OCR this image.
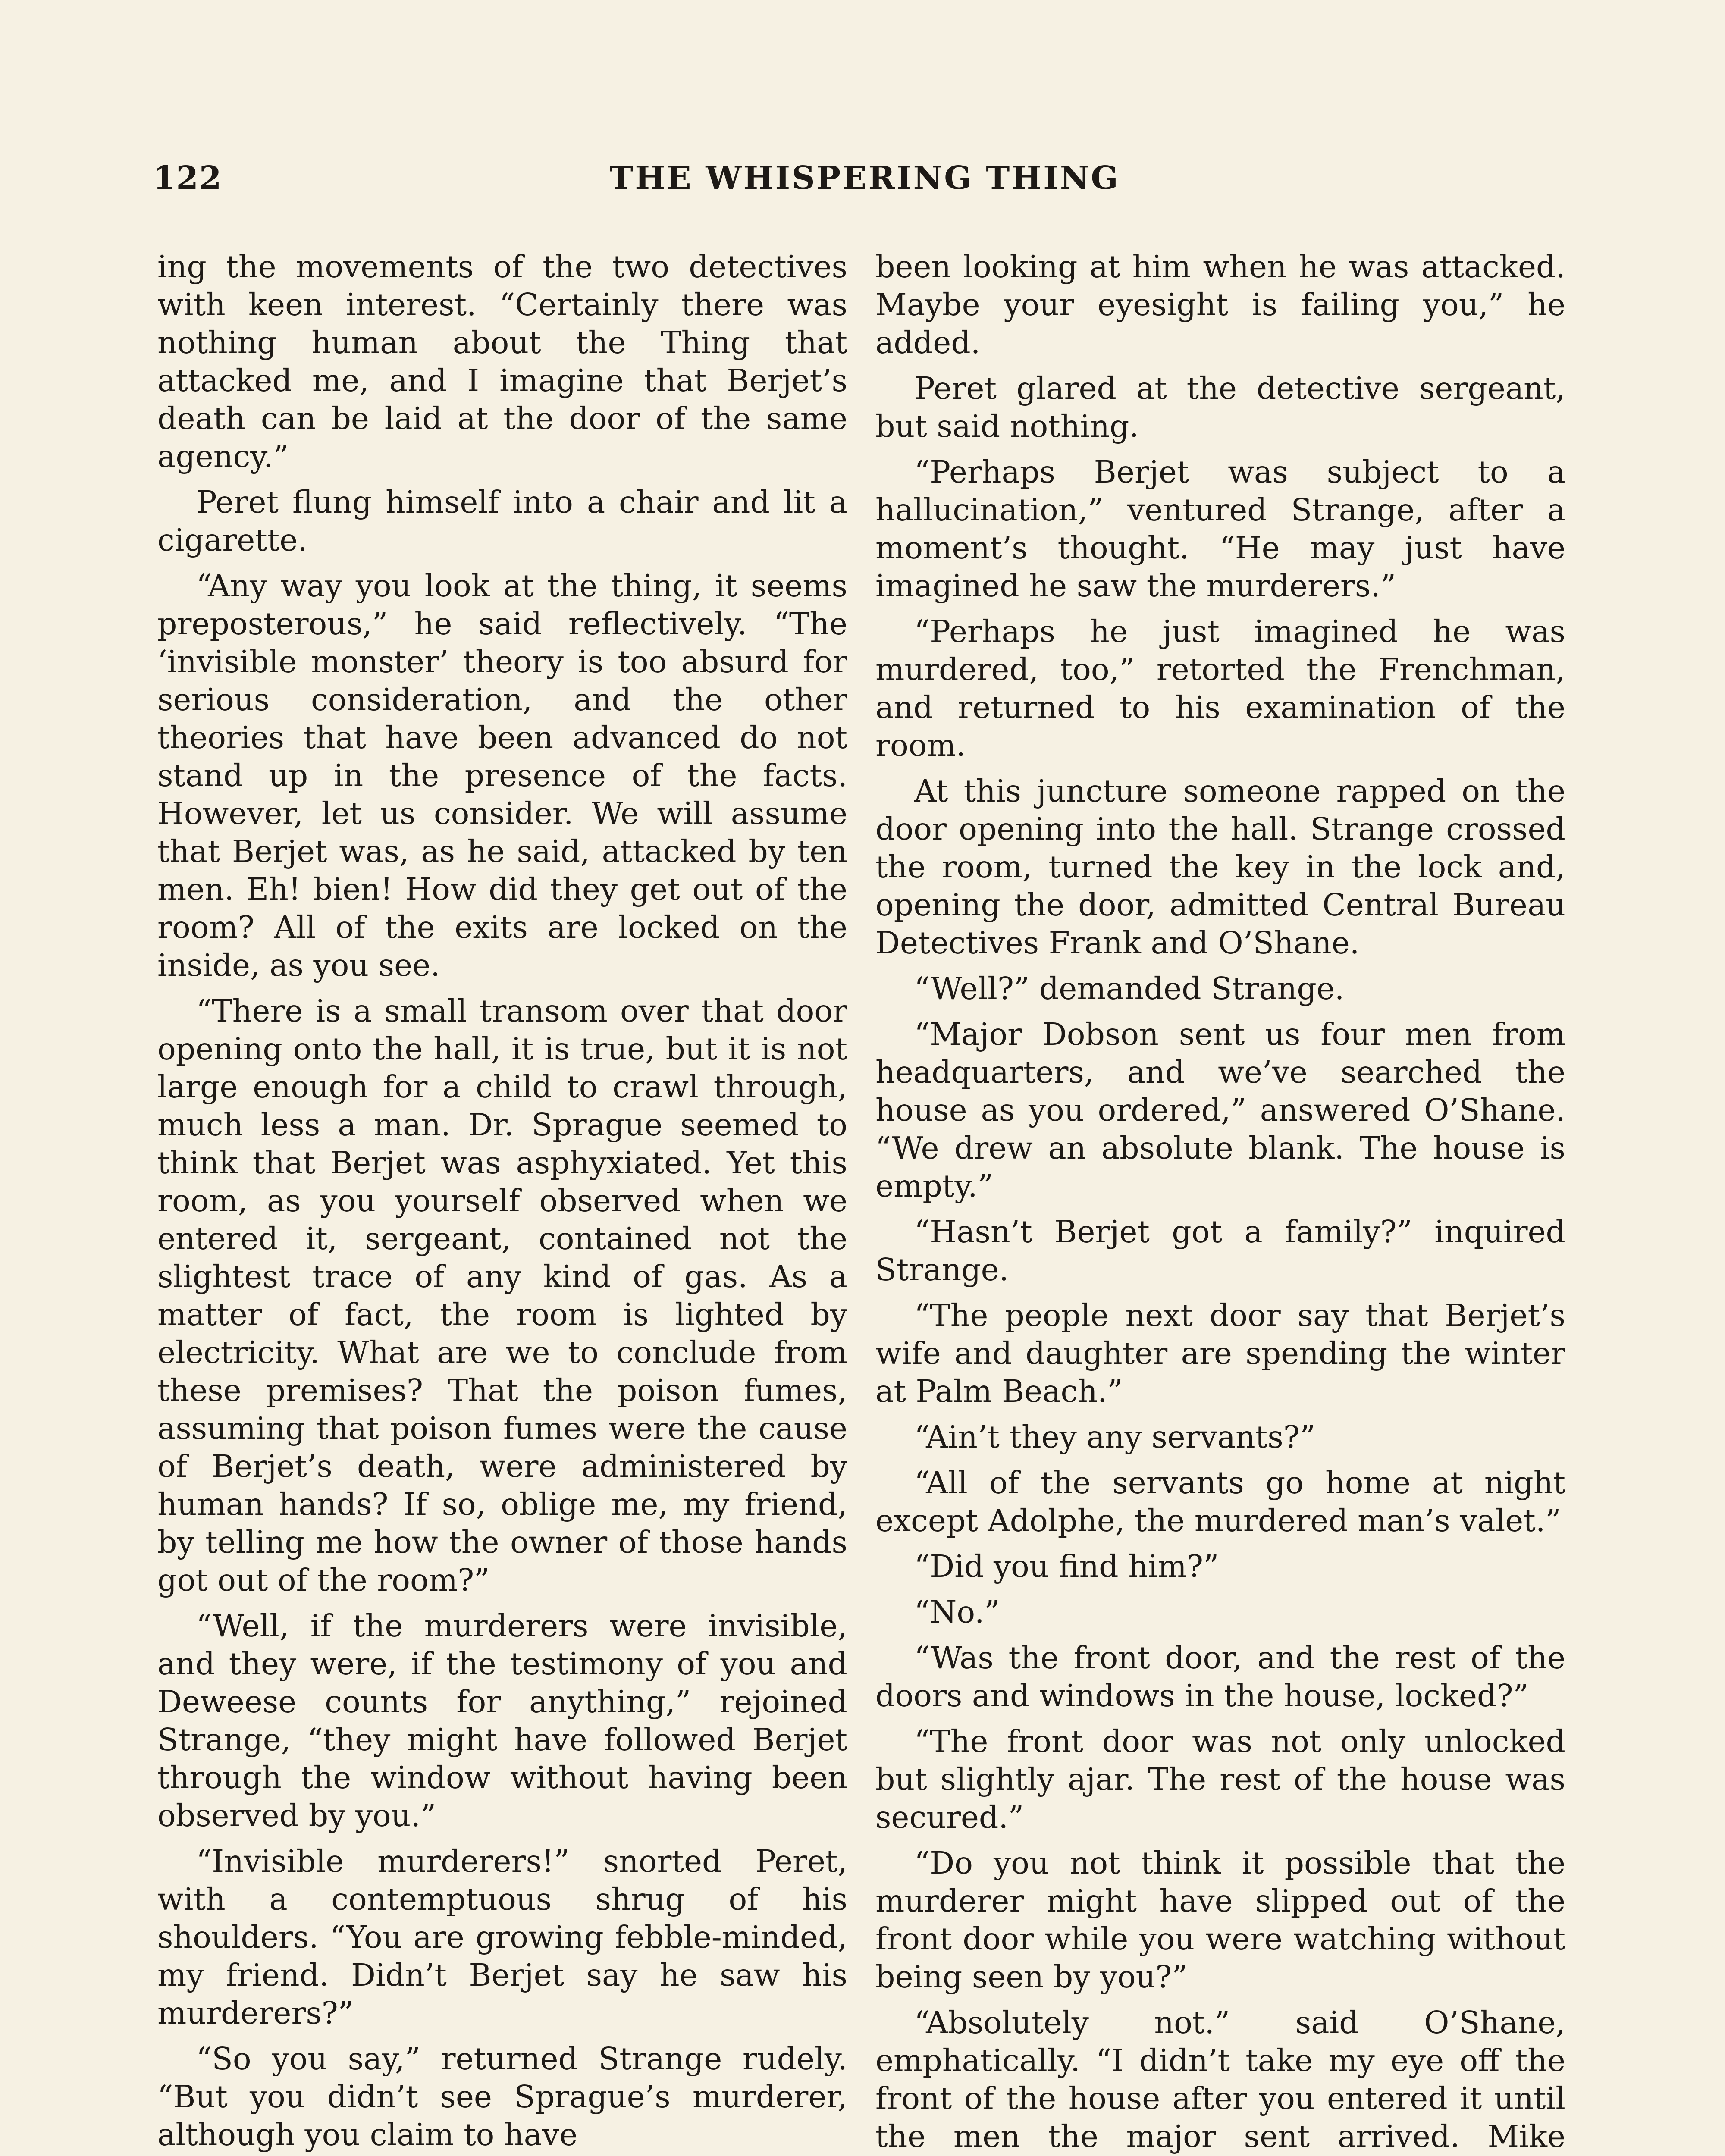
122	THE WHISPERING THING

ing the movements of the two detectives with keen interest. “Certainly there was nothing human about the Thing that attacked me, and I imagine that Berjet’s death can be laid at the door of the same agency.”

Peret flung himself into a chair and lit a cigarette.

“Any way you look at the thing, it seems preposterous,” he said reflectively. “The ‘invisible monster’ theory is too absurd for serious consideration, and the other theories that have been advanced do not stand up in the presence of the facts. However, let us consider. We will assume that Berjet was, as he said, attacked by ten men. Eh! bien! How did they get out of the room? All of the exits are locked on the inside, as you see.

“There is a small transom over that door opening onto the hall, it is true, but it is not large enough for a child to crawl through, much less a man. Dr. Sprague seemed to think that Berjet was asphyxiated. Yet this room, as you yourself observed when we entered it, sergeant, contained not the slightest trace of any kind of gas. As a matter of fact, the room is lighted by electricity. What are we to conclude from these premises? That the poison fumes, assuming that poison fumes were the cause of Berjet’s death, were administered by human hands? If so, oblige me, my friend, by telling me how the owner of those hands got out of the room?”

“Well, if the murderers were invisible, and they were, if the testimony of you and Deweese counts for anything,” rejoined Strange, “they might have followed Berjet through the window without having been observed by you.”

“Invisible murderers!” snorted Peret, with a contemptuous shrug of his shoulders. “You are growing febble-minded, my friend. Didn’t Berjet say he saw his murderers?”

“So you say,” returned Strange rudely. “But you didn’t see Sprague’s murderer, although you claim to have

been looking at him when he was attacked. Maybe your eyesight is failing you,” he added.

Peret glared at the detective sergeant, but said nothing.

“Perhaps Berjet was subject to a hallucination,” ventured Strange, after a moment’s thought. “He may just have imagined he saw the murderers.”

“Perhaps he just imagined he was murdered, too,” retorted the Frenchman, and returned to his examination of the room.

At this juncture someone rapped on the door opening into the hall. Strange crossed the room, turned the key in the lock and, opening the door, admitted Central Bureau Detectives Frank and O’Shane.

“Well?” demanded Strange.

“Major Dobson sent us four men from headquarters, and we’ve searched the house as you ordered,” answered O’Shane. “We drew an absolute blank. The house is empty.”

“Hasn’t Berjet got a family?” inquired Strange.

“The people next door say that Berjet’s wife and daughter are spending the winter at Palm Beach.”

“Ain’t they any servants?”

“All of the servants go home at night except Adolphe, the murdered man’s valet.”

“Did you find him?”

“No.”

“Was the front door, and the rest of the doors and windows in the house, locked?”

“The front door was not only unlocked but slightly ajar. The rest of the house was secured.”

“Do you not think it possible that the murderer might have slipped out of the front door while you were watching without being seen by you?”

“Absolutely not.” said O’Shane, emphatically. “I didn’t take my eye off the front of the house after you entered it until the men the major sent arrived. Mike
